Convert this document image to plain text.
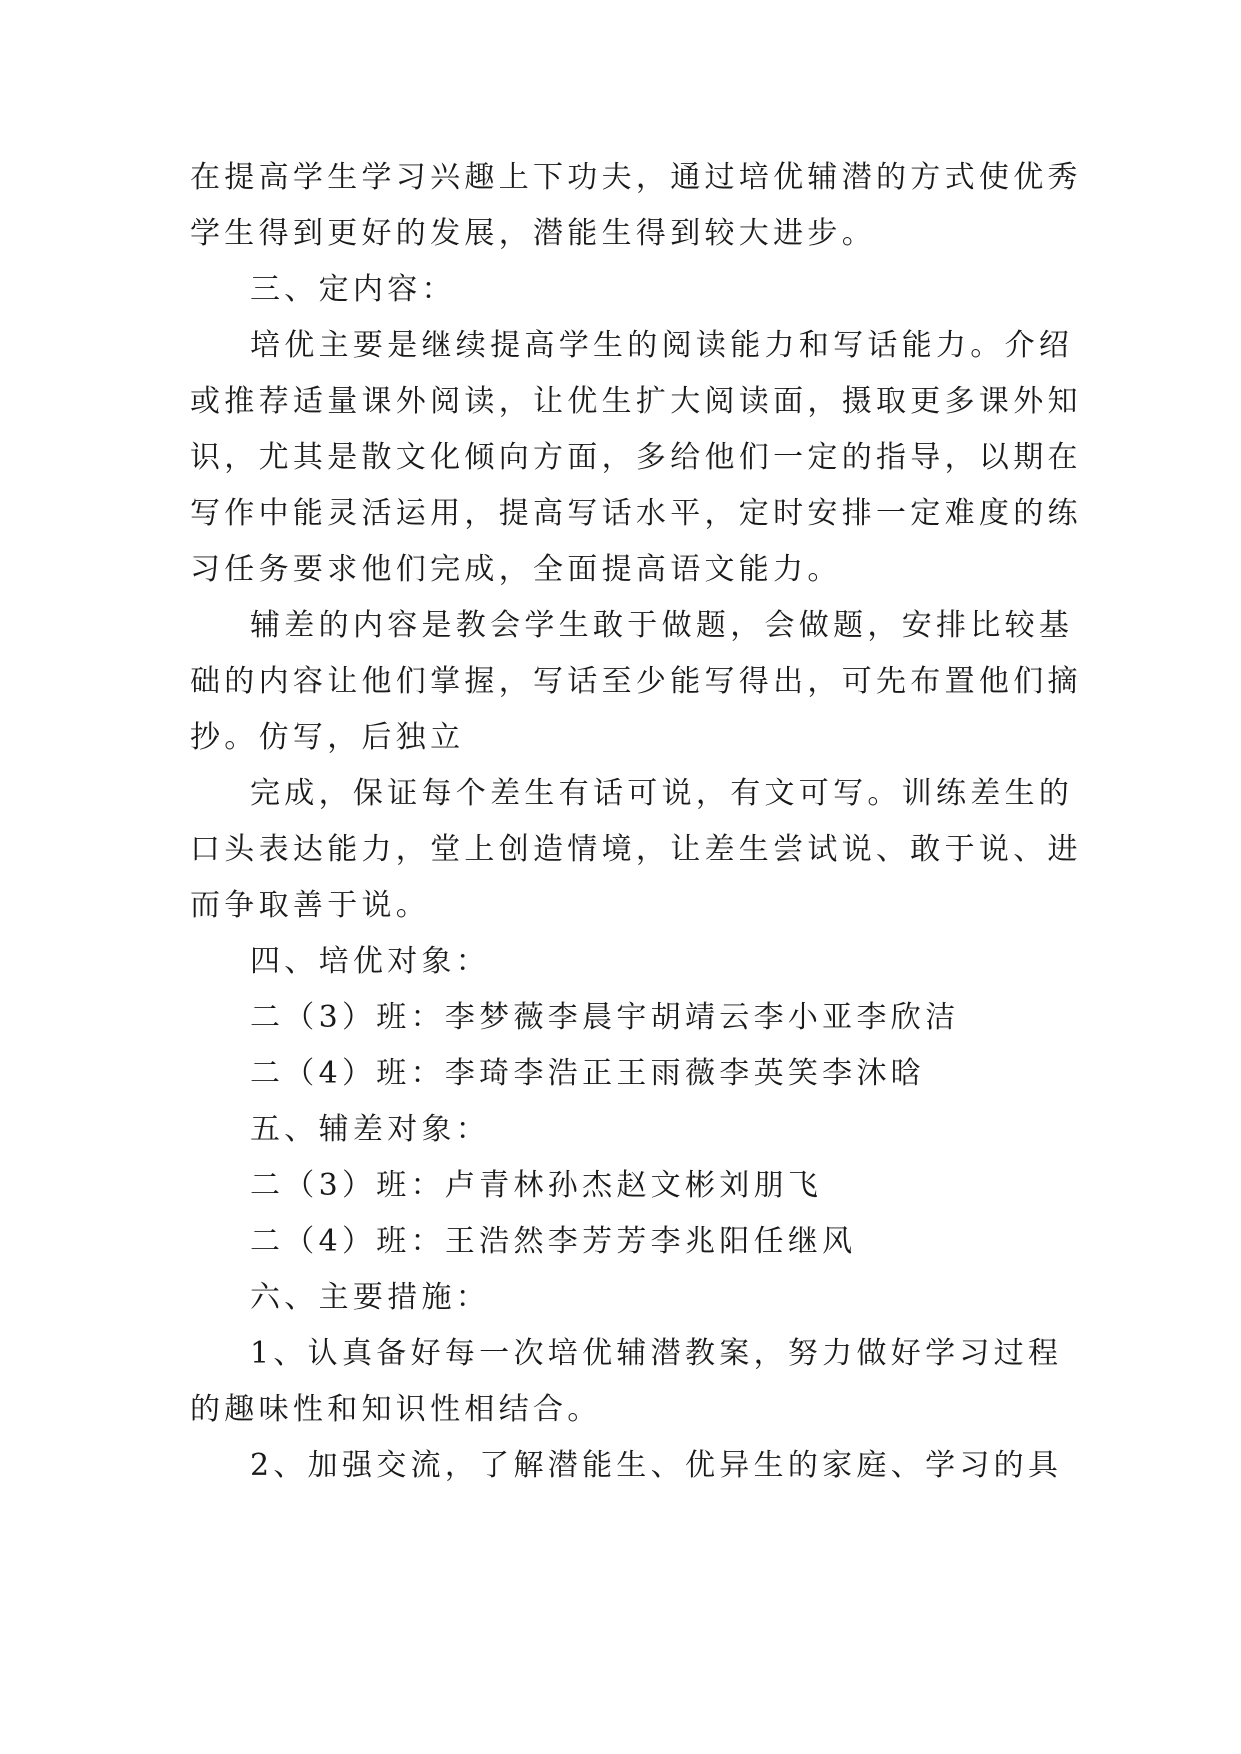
在提高学生学习兴趣上下功夫，通过培优辅潜的方式使优秀
学生得到更好的发展，潜能生得到较大进步。
三、定内容：
培优主要是继续提高学生的阅读能力和写话能力。介绍
或推荐适量课外阅读，让优生扩大阅读面，摄取更多课外知
识，尤其是散文化倾向方面，多给他们一定的指导，以期在
写作中能灵活运用，提高写话水平，定时安排一定难度的练
习任务要求他们完成，全面提高语文能力。
辅差的内容是教会学生敢于做题，会做题，安排比较基
础的内容让他们掌握，写话至少能写得出，可先布置他们摘
抄。仿写，后独立
完成，保证每个差生有话可说，有文可写。训练差生的
口头表达能力，堂上创造情境，让差生尝试说、敢于说、进
而争取善于说。
四、培优对象：
二（3）班：李梦薇李晨宇胡靖云李小亚李欣洁
二（4）班：李琦李浩正王雨薇李英笑李沐晗
五、辅差对象：
二（3）班：卢青林孙杰赵文彬刘朋飞
二（4）班：王浩然李芳芳李兆阳任继风
六、主要措施：
1、认真备好每一次培优辅潜教案，努力做好学习过程
的趣味性和知识性相结合。
2、加强交流，了解潜能生、优异生的家庭、学习的具
